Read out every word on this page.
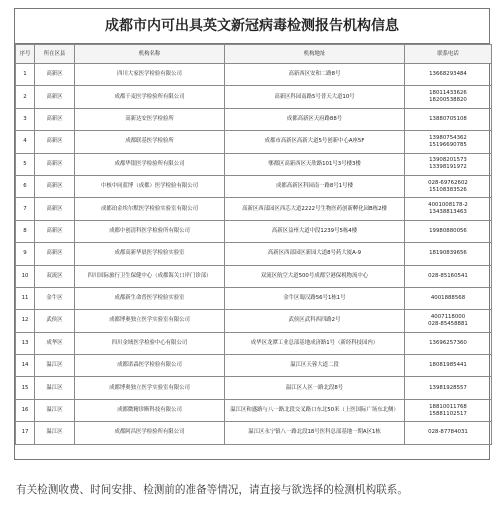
成都市内可出具英文新冠病毒检测报告机构信息
序号	所在区县	机构名称	机构地址	联系电话
1	高新区	四川大家医学检验有限公司	高新西区安和二路8号	13668293484

2	高新区	成都千麦医学检验所有限公司	高新区科园南路5号普天大道10号	18011433626
18200538820

3	高新区	高新达安医学检验所	成都高新区天府路88号	13880705108

4	高新区	成都联基医学检验所	成都市高新区高新大道5号创新中心A座5F	13980754362
15196690785

5	高新区	成都华银医学检验所有限公司	郫都区高新西区天欣路101号3号楼3楼	13908201573
13398191972

6	高新区	中核中同蓝博（成都）医学检验有限公司	成都高新区科园南一路8号1号楼	028-69762602
15108383526

7	高新区	成都珀金埃尔默医学检验实验室有限公司	高新区西部园区西芯大道2222号生物医药创新孵化园B栋2楼	4001008178-2
13438813463

8	高新区	成都中创清科医学检验所有限公司	高新区益州大道中段1239号5栋4楼	19980880056

9	高新区	成都高新华晨医学检验实验室	高新区西部园区新园大道8号药大厦A-9	18190839656

10	双流区	四川国际旅行卫生保健中心（成都海关口岸门诊部）	双流区航空大道500号成都空港保税物流中心	028-85160541

11	金牛区	成都新生命普医学检验实验室	金牛区蜀汉路56号1栋1号	4001888568

12	武侯区	成都博奥独立医学实验室有限公司	武侯区武科西四路2号	4007118000
028-85458881

13	成华区	四川金域医学检验中心有限公司	成华区龙潭工业总部基地成济路1号（新经科技园内）	13696257360

14	温江区	成都诺森医学检验有限公司	温江区天蓉大道二段	18081985441

15	温江区	成都博奥独立医学实验室有限公司	温江区人区一路北段8号	13981928557

16	温江区	成都微精诊断科技有限公司	温江区和盛路与八一路北段交叉路口东北50米（上医国际广场东北侧）	18810011768
15881102517

17	温江区	成都阿昌医学检验所有限公司	温江区永宁镇八一路北段18号医科总部基地一期A区1栋	028-87784031
有关检测收费、时间安排、检测前的准备等情况，请直接与欲选择的检测机构联系。
